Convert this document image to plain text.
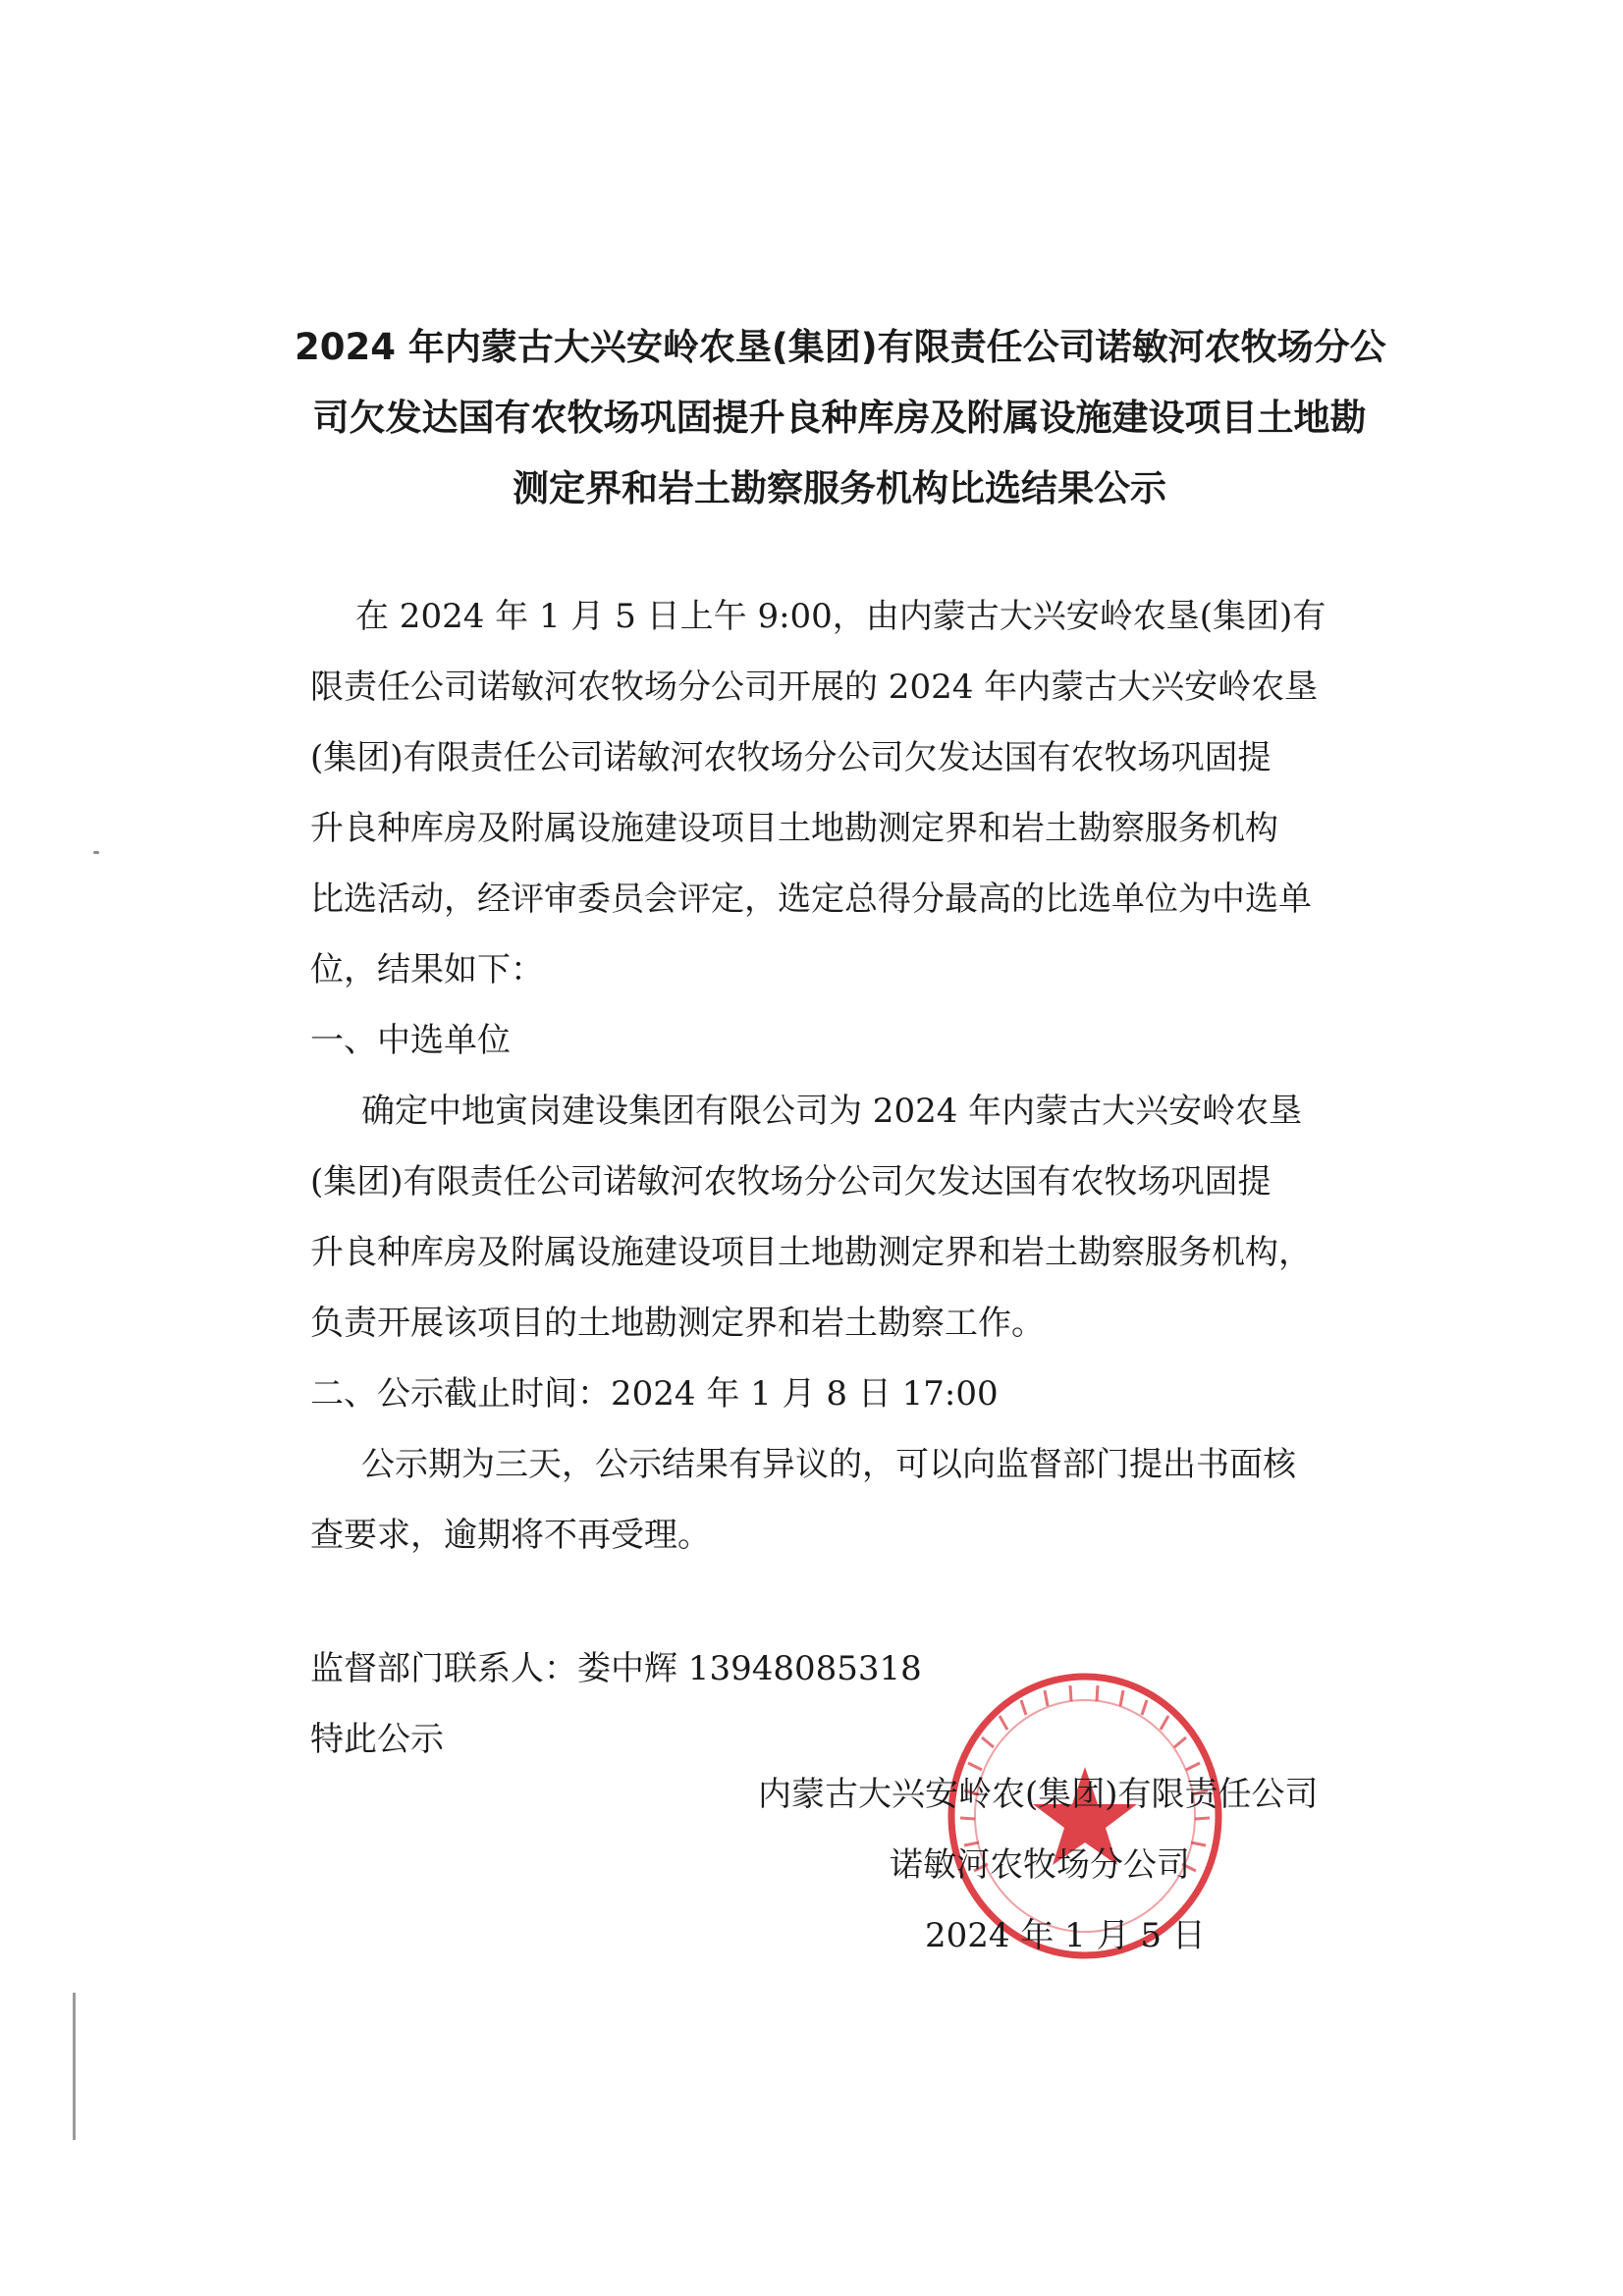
2024 年内蒙古大兴安岭农垦(集团)有限责任公司诺敏河农牧场分公
司欠发达国有农牧场巩固提升良种库房及附属设施建设项目土地勘
测定界和岩土勘察服务机构比选结果公示
在 2024 年 1 月 5 日上午 9:00，由内蒙古大兴安岭农垦(集团)有
限责任公司诺敏河农牧场分公司开展的 2024 年内蒙古大兴安岭农垦
(集团)有限责任公司诺敏河农牧场分公司欠发达国有农牧场巩固提
升良种库房及附属设施建设项目土地勘测定界和岩土勘察服务机构
比选活动，经评审委员会评定，选定总得分最高的比选单位为中选单
位，结果如下：
一、中选单位
确定中地寅岗建设集团有限公司为 2024 年内蒙古大兴安岭农垦
(集团)有限责任公司诺敏河农牧场分公司欠发达国有农牧场巩固提
升良种库房及附属设施建设项目土地勘测定界和岩土勘察服务机构，
负责开展该项目的土地勘测定界和岩土勘察工作。
二、公示截止时间：2024 年 1 月 8 日 17:00
公示期为三天，公示结果有异议的，可以向监督部门提出书面核
查要求，逾期将不再受理。
监督部门联系人：娄中辉 13948085318
特此公示
内蒙古大兴安岭农(集团)有限责任公司
诺敏河农牧场分公司
2024 年 1 月 5 日
